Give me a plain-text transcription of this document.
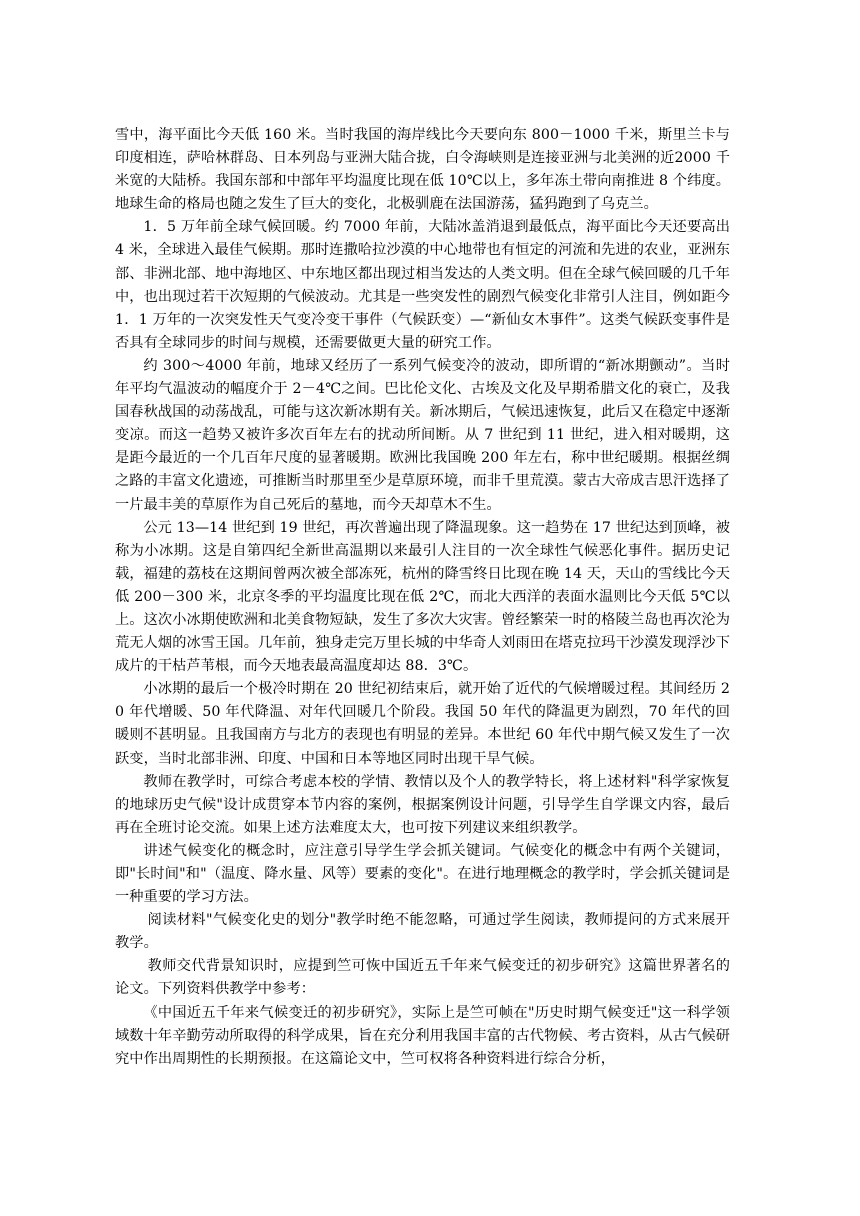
雪中，海平面比今天低 160 米。当时我国的海岸线比今天要向东 800－1000 千米，斯里兰卡与印度相连，萨哈林群岛、日本列岛与亚洲大陆合拢，白令海峡则是连接亚洲与北美洲的近2000 千米宽的大陆桥。我国东部和中部年平均温度比现在低 10℃以上，多年冻土带向南推进 8 个纬度。地球生命的格局也随之发生了巨大的变化，北极驯鹿在法国游荡，猛犸跑到了乌克兰。

1．5 万年前全球气候回暖。约 7000 年前，大陆冰盖消退到最低点，海平面比今天还要高出 4 米，全球进入最佳气候期。那时连撒哈拉沙漠的中心地带也有恒定的河流和先进的农业，亚洲东部、非洲北部、地中海地区、中东地区都出现过相当发达的人类文明。但在全球气候回暖的几千年中，也出现过若干次短期的气候波动。尤其是一些突发性的剧烈气候变化非常引人注目，例如距今 1．1 万年的一次突发性天气变冷变干事件（气候跃变）—“新仙女木事件”。这类气候跃变事件是否具有全球同步的时间与规模，还需要做更大量的研究工作。

约 300～4000 年前，地球又经历了一系列气候变冷的波动，即所谓的“新冰期颤动”。当时年平均气温波动的幅度介于 2－4℃之间。巴比伦文化、古埃及文化及早期希腊文化的衰亡，及我国春秋战国的动荡战乱，可能与这次新冰期有关。新冰期后，气候迅速恢复，此后又在稳定中逐渐变凉。而这一趋势又被许多次百年左右的扰动所间断。从 7 世纪到 11 世纪，进入相对暖期，这是距今最近的一个几百年尺度的显著暖期。欧洲比我国晚 200 年左右，称中世纪暖期。根据丝绸之路的丰富文化遗迹，可推断当时那里至少是草原环境，而非千里荒漠。蒙古大帝成吉思汗选择了一片最丰美的草原作为自己死后的墓地，而今天却草木不生。

公元 13—14 世纪到 19 世纪，再次普遍出现了降温现象。这一趋势在 17 世纪达到顶峰，被称为小冰期。这是自第四纪全新世高温期以来最引人注目的一次全球性气候恶化事件。据历史记载，福建的荔枝在这期间曾两次被全部冻死，杭州的降雪终日比现在晚 14 天，天山的雪线比今天低 200－300 米，北京冬季的平均温度比现在低 2℃，而北大西洋的表面水温则比今天低 5℃以上。这次小冰期使欧洲和北美食物短缺，发生了多次大灾害。曾经繁荣一时的格陵兰岛也再次沦为荒无人烟的冰雪王国。几年前，独身走完万里长城的中华奇人刘雨田在塔克拉玛干沙漠发现浮沙下成片的干枯芦苇根，而今天地表最高温度却达 88．3℃。

小冰期的最后一个极冷时期在 20 世纪初结束后，就开始了近代的气候增暖过程。其间经历 20 年代增暖、50 年代降温、对年代回暖几个阶段。我国 50 年代的降温更为剧烈，70 年代的回暖则不甚明显。且我国南方与北方的表现也有明显的差异。本世纪 60 年代中期气候又发生了一次跃变，当时北部非洲、印度、中国和日本等地区同时出现干旱气候。

教师在教学时，可综合考虑本校的学情、教情以及个人的教学特长，将上述材料"科学家恢复的地球历史气候"设计成贯穿本节内容的案例，根据案例设计问题，引导学生自学课文内容，最后再在全班讨论交流。如果上述方法难度太大，也可按下列建议来组织教学。

讲述气候变化的概念时，应注意引导学生学会抓关键词。气候变化的概念中有两个关键词，即"长时间"和"（温度、降水量、风等）要素的变化"。在进行地理概念的教学时，学会抓关键词是一种重要的学习方法。

阅读材料"气候变化史的划分"教学时绝不能忽略，可通过学生阅读，教师提问的方式来展开教学。

教师交代背景知识时，应提到竺可恢中国近五千年来气候变迁的初步研究》这篇世界著名的论文。下列资料供教学中参考：

《中国近五千年来气候变迁的初步研究》，实际上是竺可帧在"历史时期气候变迁"这一科学领域数十年辛勤劳动所取得的科学成果，旨在充分利用我国丰富的古代物候、考古资料，从古气候研究中作出周期性的长期预报。在这篇论文中，竺可权将各种资料进行综合分析，
